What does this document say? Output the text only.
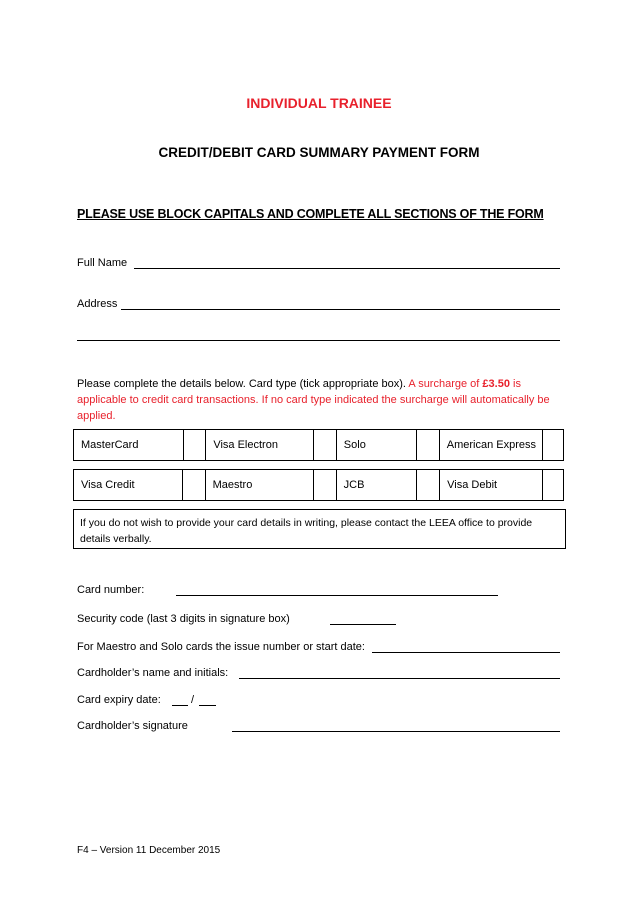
INDIVIDUAL TRAINEE
CREDIT/DEBIT CARD SUMMARY PAYMENT FORM
PLEASE USE BLOCK CAPITALS AND COMPLETE ALL SECTIONS OF THE FORM
Full Name
Address
Please complete the details below. Card type (tick appropriate box). A surcharge of £3.50 is applicable to credit card transactions. If no card type indicated the surcharge will automatically be applied.
MasterCard		Visa Electron		Solo		American Express	
Visa Credit		Maestro		JCB		Visa Debit	
If you do not wish to provide your card details in writing, please contact the LEEA office to provide details verbally.
Card number:
Security code (last 3 digits in signature box)
For Maestro and Solo cards the issue number or start date:
Cardholder’s name and initials:
Card expiry date:	/
Cardholder’s signature
F4 – Version 11 December 2015
